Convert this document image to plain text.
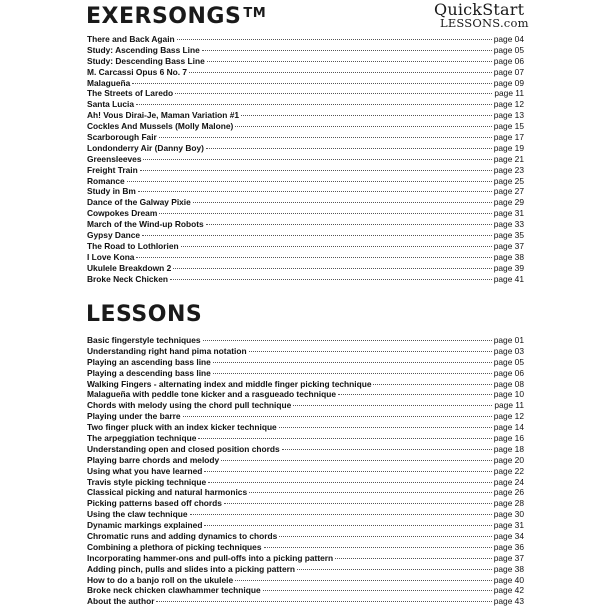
EXERSONGS ™	QuickStart
LESSONS.com
There and Back Again	page 04
Study: Ascending Bass Line	page 05
Study: Descending Bass Line	page 06
M. Carcassi Opus 6 No. 7	page 07
Malagueña	page 09
The Streets of Laredo	page 11
Santa Lucia	page 12
Ah! Vous Dirai-Je, Maman Variation #1	page 13
Cockles And Mussels (Molly Malone)	page 15
Scarborough Fair	page 17
Londonderry Air (Danny Boy)	page 19
Greensleeves	page 21
Freight Train	page 23
Romance	page 25
Study in Bm	page 27
Dance of the Galway Pixie	page 29
Cowpokes Dream	page 31
March of the Wind-up Robots	page 33
Gypsy Dance	page 35
The Road to Lothlorien	page 37
I Love Kona	page 38
Ukulele Breakdown 2	page 39
Broke Neck Chicken	page 41
LESSONS
Basic fingerstyle techniques	page 01
Understanding right hand pima notation	page 03
Playing an ascending bass line	page 05
Playing a descending bass line	page 06
Walking Fingers - alternating index and middle finger picking technique	page 08
Malagueña with peddle tone kicker and a rasgueado technique	page 10
Chords with melody using the chord pull technique	page 11
Playing under the barre	page 12
Two finger pluck with an index kicker technique	page 14
The arpeggiation technique	page 16
Understanding open and closed position chords	page 18
Playing barre chords and melody	page 20
Using what you have learned	page 22
Travis style picking technique	page 24
Classical picking and natural harmonics	page 26
Picking patterns based off chords	page 28
Using the claw technique	page 30
Dynamic markings explained	page 31
Chromatic runs and adding dynamics to chords	page 34
Combining a plethora of picking techniques	page 36
Incorporating hammer-ons and pull-offs into a picking pattern	page 37
Adding pinch, pulls and slides into a picking pattern	page 38
How to do a banjo roll on the ukulele	page 40
Broke neck chicken clawhammer technique	page 42
About the author	page 43
